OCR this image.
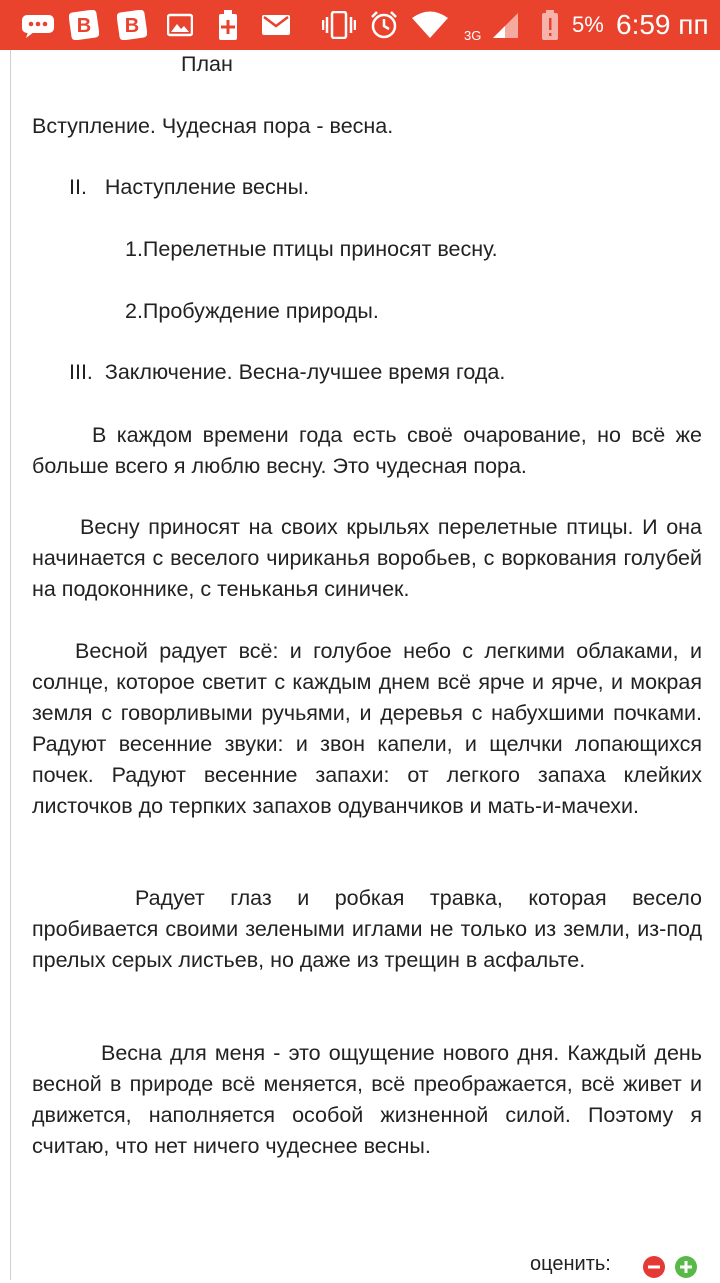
B B	3G	5% 6:59 пп
План
Вступление. Чудесная пора - весна.
II.   Наступление весны.
1.Перелетные птицы приносят весну.
2.Пробуждение природы.
III.  Заключение. Весна-лучшее время года.
В каждом времени года есть своё очарование, но всё же больше всего я люблю весну. Это чудесная пора.
Весну приносят на своих крыльях перелетные птицы. И она начинается с веселого чириканья воробьев, с воркования голубей на подоконнике, с теньканья синичек.
Весной радует всё: и голубое небо с легкими облаками, и солнце, которое светит с каждым днем всё ярче и ярче, и мокрая земля с говорливыми ручьями, и деревья с набухшими почками. Радуют весенние звуки: и звон капели, и щелчки лопающихся почек. Радуют весенние запахи: от легкого запаха клейких листочков до терпких запахов одуванчиков и мать-и-мачехи.
Радует глаз и робкая травка, которая весело пробивается своими зелеными иглами не только из земли, из-под прелых серых листьев, но даже из трещин в асфальте.
Весна для меня - это ощущение нового дня. Каждый день весной в природе всё меняется, всё преображается, всё живет и движется, наполняется особой жизненной силой. Поэтому я считаю, что нет ничего чудеснее весны.
оценить:
